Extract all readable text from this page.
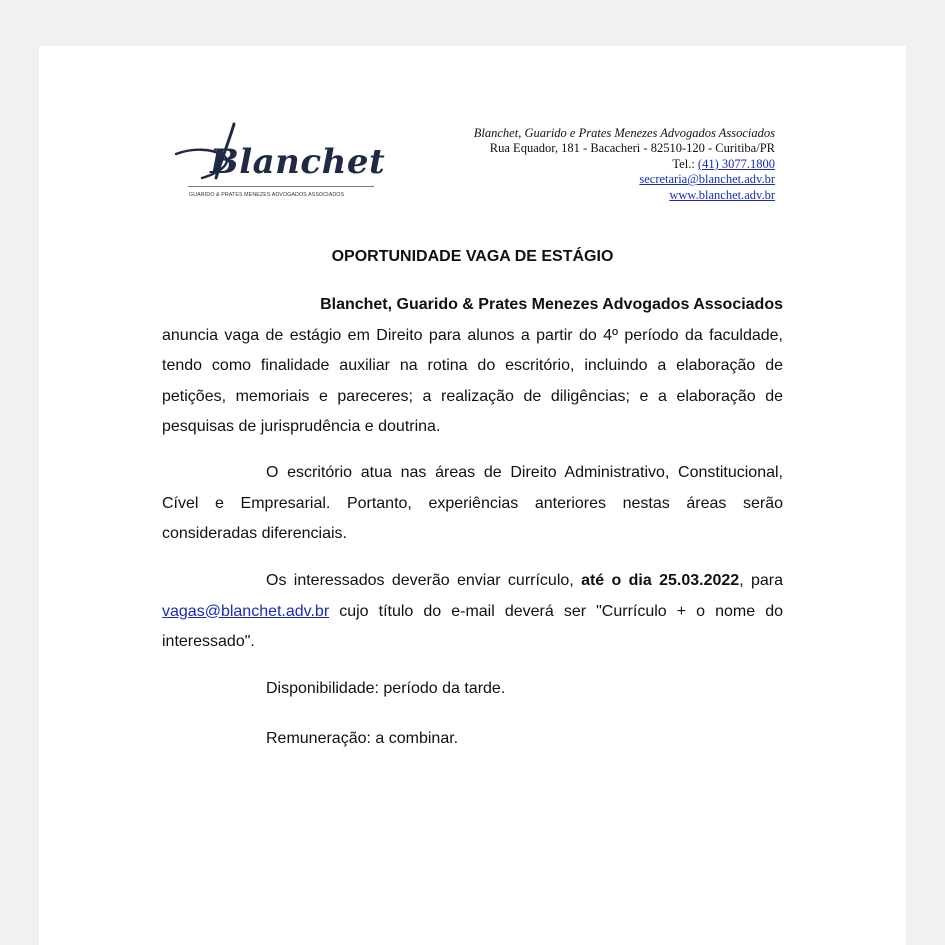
Blanchet
GUARIDO & PRATES MENEZES ADVOGADOS ASSOCIADOS
Blanchet, Guarido e Prates Menezes Advogados Associados
Rua Equador, 181 - Bacacheri - 82510-120 - Curitiba/PR
Tel.: (41) 3077.1800
secretaria@blanchet.adv.br
www.blanchet.adv.br
OPORTUNIDADE VAGA DE ESTÁGIO
Blanchet, Guarido & Prates Menezes Advogados Associados

anuncia vaga de estágio em Direito para alunos a partir do 4º período da faculdade, tendo como finalidade auxiliar na rotina do escritório, incluindo a elaboração de petições, memoriais e pareceres; a realização de diligências; e a elaboração de pesquisas de jurisprudência e doutrina.

O escritório atua nas áreas de Direito Administrativo, Constitucional, Cível e Empresarial. Portanto, experiências anteriores nestas áreas serão consideradas diferenciais.

Os interessados deverão enviar currículo, até o dia 25.03.2022, para vagas@blanchet.adv.br cujo título do e-mail deverá ser "Currículo + o nome do interessado".

Disponibilidade: período da tarde.

Remuneração: a combinar.
